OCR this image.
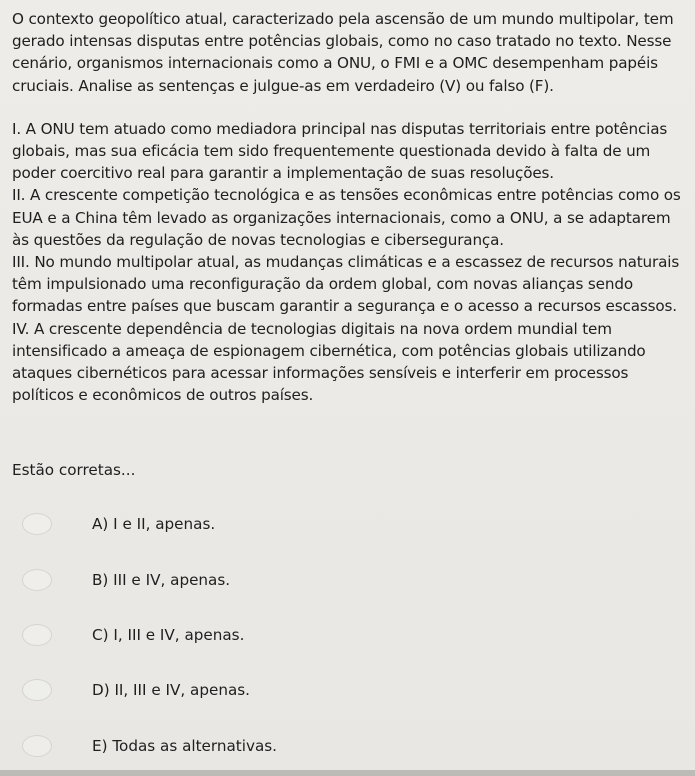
O contexto geopolítico atual, caracterizado pela ascensão de um mundo multipolar, tem gerado intensas disputas entre potências globais, como no caso tratado no texto. Nesse cenário, organismos internacionais como a ONU, o FMI e a OMC desempenham papéis cruciais. Analise as sentenças e julgue-as em verdadeiro (V) ou falso (F).

I. A ONU tem atuado como mediadora principal nas disputas territoriais entre potências globais, mas sua eficácia tem sido frequentemente questionada devido à falta de um poder coercitivo real para garantir a implementação de suas resoluções.

II. A crescente competição tecnológica e as tensões econômicas entre potências como os EUA e a China têm levado as organizações internacionais, como a ONU, a se adaptarem às questões da regulação de novas tecnologias e cibersegurança.

III. No mundo multipolar atual, as mudanças climáticas e a escassez de recursos naturais têm impulsionado uma reconfiguração da ordem global, com novas alianças sendo formadas entre países que buscam garantir a segurança e o acesso a recursos escassos.

IV. A crescente dependência de tecnologias digitais na nova ordem mundial tem intensificado a ameaça de espionagem cibernética, com potências globais utilizando ataques cibernéticos para acessar informações sensíveis e interferir em processos políticos e econômicos de outros países.

Estão corretas...

A) I e II, apenas.
B) III e IV, apenas.
C) I, III e IV, apenas.
D) II, III e IV, apenas.
E) Todas as alternativas.
